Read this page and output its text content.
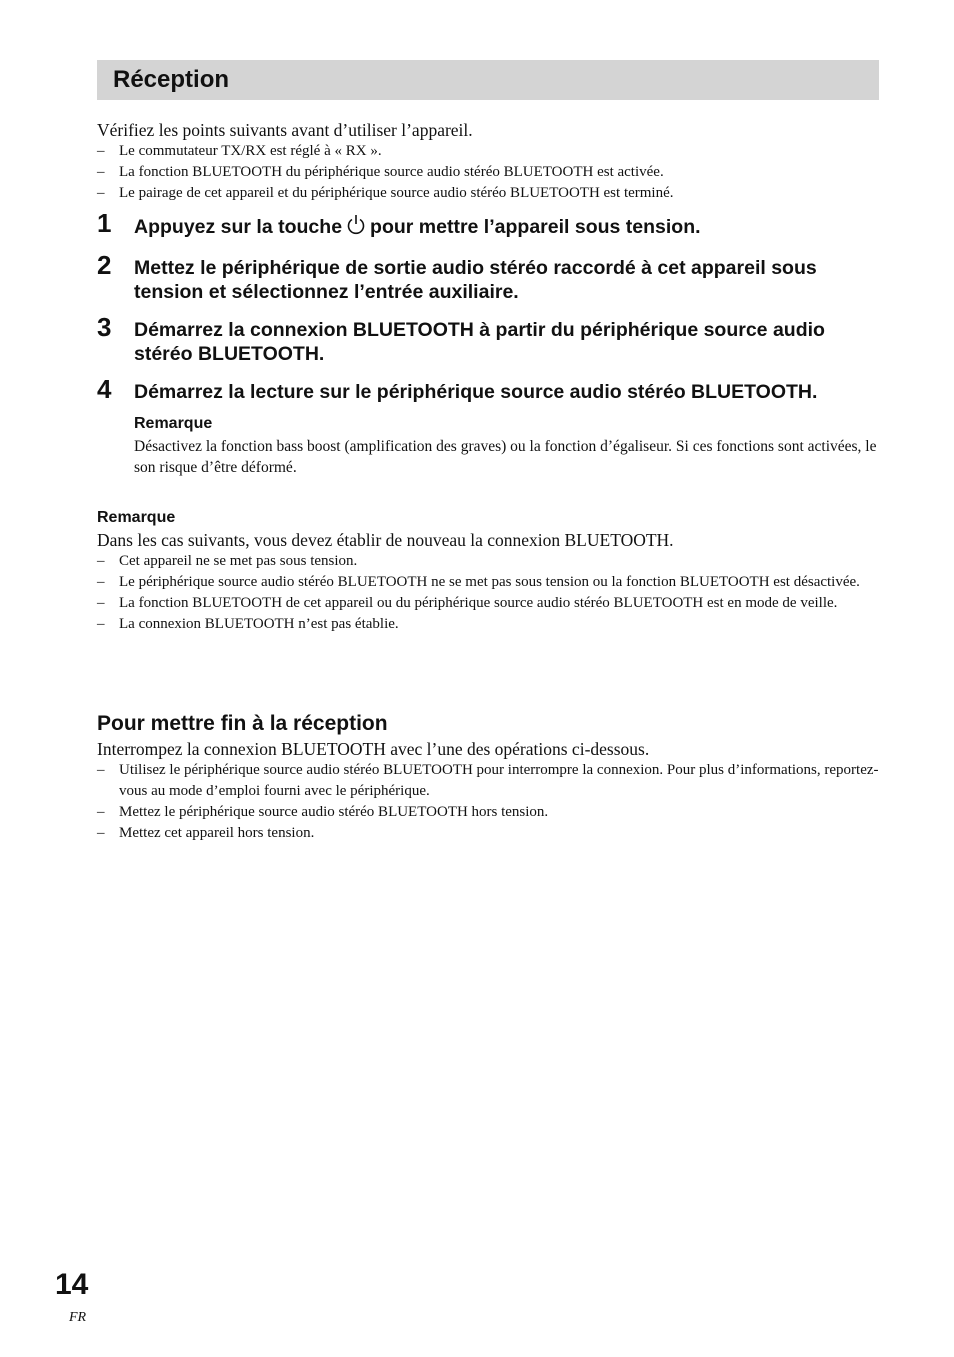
Réception
Vérifiez les points suivants avant d’utiliser l’appareil.
– Le commutateur TX/RX est réglé à « RX ».
– La fonction BLUETOOTH du périphérique source audio stéréo BLUETOOTH est activée.
– Le pairage de cet appareil et du périphérique source audio stéréo BLUETOOTH est terminé.
1 Appuyez sur la touche pour mettre l’appareil sous tension.
2 Mettez le périphérique de sortie audio stéréo raccordé à cet appareil sous tension et sélectionnez l’entrée auxiliaire.
3 Démarrez la connexion BLUETOOTH à partir du périphérique source audio stéréo BLUETOOTH.
4 Démarrez la lecture sur le périphérique source audio stéréo BLUETOOTH.
Remarque
Désactivez la fonction bass boost (amplification des graves) ou la fonction d’égaliseur. Si ces fonctions sont activées, le son risque d’être déformé.
Remarque
Dans les cas suivants, vous devez établir de nouveau la connexion BLUETOOTH.
– Cet appareil ne se met pas sous tension.
– Le périphérique source audio stéréo BLUETOOTH ne se met pas sous tension ou la fonction BLUETOOTH est désactivée.
– La fonction BLUETOOTH de cet appareil ou du périphérique source audio stéréo BLUETOOTH est en mode de veille.
– La connexion BLUETOOTH n’est pas établie.
Pour mettre fin à la réception
Interrompez la connexion BLUETOOTH avec l’une des opérations ci-dessous.
– Utilisez le périphérique source audio stéréo BLUETOOTH pour interrompre la connexion. Pour plus d’informations, reportez-vous au mode d’emploi fourni avec le périphérique.
– Mettez le périphérique source audio stéréo BLUETOOTH hors tension.
– Mettez cet appareil hors tension.
14
FR
